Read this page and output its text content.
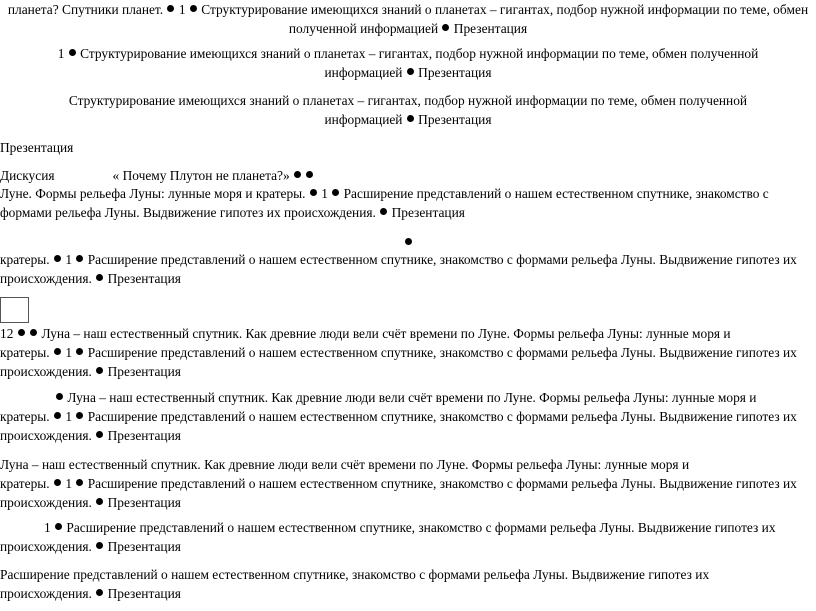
планета? Спутники планет.  1  Структурирование имеющихся знаний о планетах – гигантах, подбор нужной информации по теме, обмен
полученной информацией  Презентация
1  Структурирование имеющихся знаний о планетах – гигантах, подбор нужной информации по теме, обмен полученной
информацией  Презентация
Структурирование имеющихся знаний о планетах – гигантах, подбор нужной информации по теме, обмен полученной
информацией  Презентация
Презентация
Дискусия	« Почему Плутон не планета?»
Луне. Формы рельефа Луны: лунные моря и кратеры.  1  Расширение представлений о нашем естественном спутнике, знакомство с
формами рельефа Луны. Выдвижение гипотез их происхождения.  Презентация
кратеры.  1  Расширение представлений о нашем естественном спутнике, знакомство с формами рельефа Луны. Выдвижение гипотез их
происхождения.  Презентация
12   Луна – наш естественный спутник. Как древние люди вели счёт времени по Луне. Формы рельефа Луны: лунные моря и
кратеры.  1  Расширение представлений о нашем естественном спутнике, знакомство с формами рельефа Луны. Выдвижение гипотез их
происхождения.  Презентация
Луна – наш естественный спутник. Как древние люди вели счёт времени по Луне. Формы рельефа Луны: лунные моря и
кратеры.  1  Расширение представлений о нашем естественном спутнике, знакомство с формами рельефа Луны. Выдвижение гипотез их
происхождения.  Презентация
Луна – наш естественный спутник. Как древние люди вели счёт времени по Луне. Формы рельефа Луны: лунные моря и
кратеры.  1  Расширение представлений о нашем естественном спутнике, знакомство с формами рельефа Луны. Выдвижение гипотез их
происхождения.  Презентация
1  Расширение представлений о нашем естественном спутнике, знакомство с формами рельефа Луны. Выдвижение гипотез их
происхождения.  Презентация
Расширение представлений о нашем естественном спутнике, знакомство с формами рельефа Луны. Выдвижение гипотез их
происхождения.  Презентация
